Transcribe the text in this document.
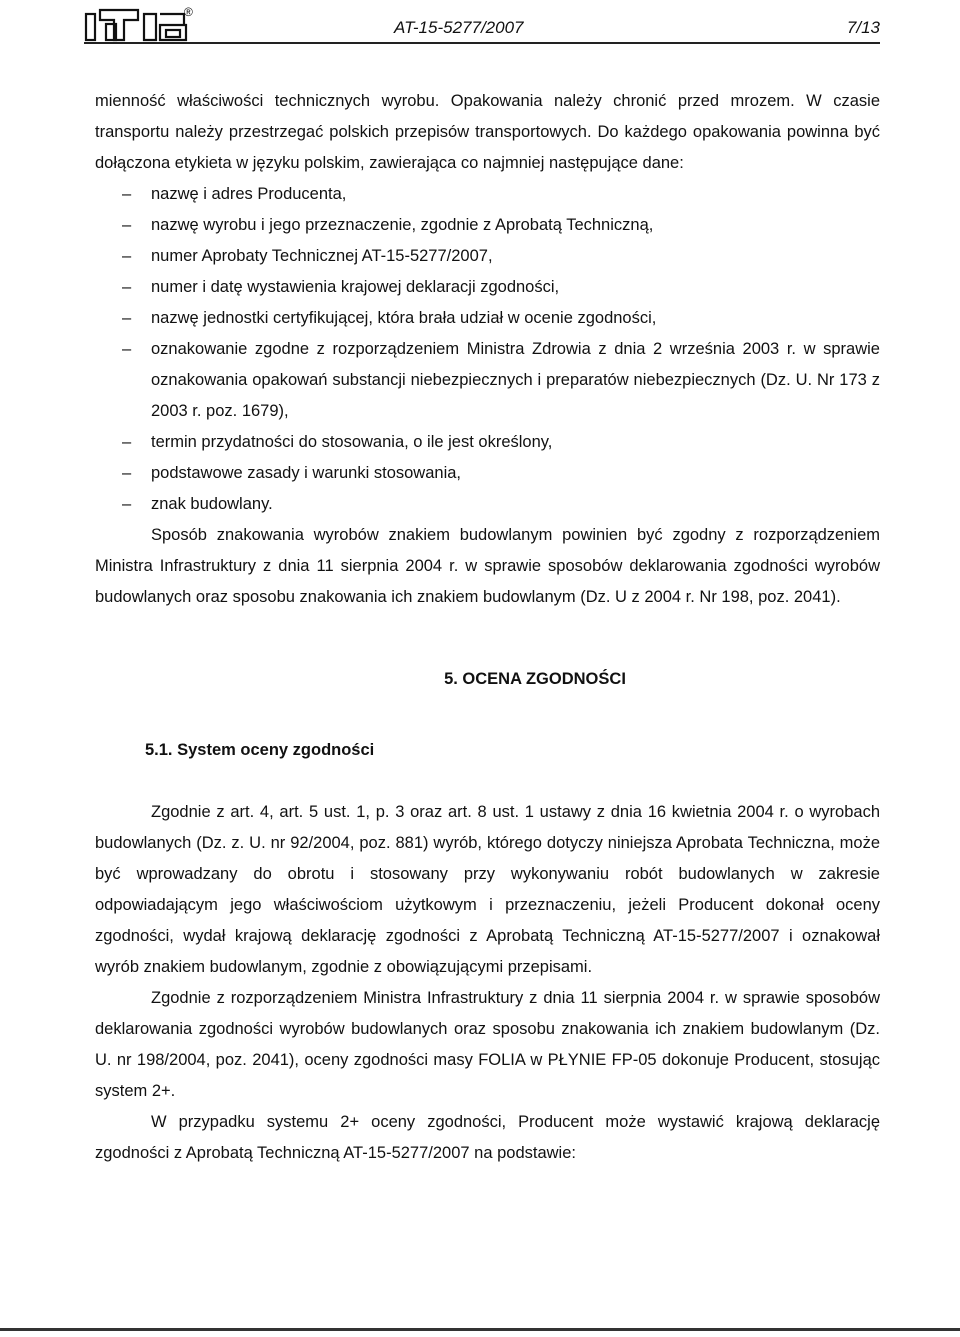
®
AT-15-5277/2007	7/13

mienność właściwości technicznych wyrobu. Opakowania należy chronić przed mrozem. W czasie transportu należy przestrzegać polskich przepisów transportowych. Do każdego opakowania powinna być dołączona etykieta w języku polskim, zawierająca co najmniej następujące dane:

– nazwę i adres Producenta,
– nazwę wyrobu i jego przeznaczenie, zgodnie z Aprobatą Techniczną,
– numer Aprobaty Technicznej AT-15-5277/2007,
– numer i datę wystawienia krajowej deklaracji zgodności,
– nazwę jednostki certyfikującej, która brała udział w ocenie zgodności,
– oznakowanie zgodne z rozporządzeniem Ministra Zdrowia z dnia 2 września 2003 r. w sprawie oznakowania opakowań substancji niebezpiecznych i preparatów niebezpiecznych (Dz. U. Nr 173 z 2003 r. poz. 1679),
– termin przydatności do stosowania, o ile jest określony,
– podstawowe zasady i warunki stosowania,
– znak budowlany.

Sposób znakowania wyrobów znakiem budowlanym powinien być zgodny z rozporządzeniem Ministra Infrastruktury z dnia 11 sierpnia 2004 r. w sprawie sposobów deklarowania zgodności wyrobów budowlanych oraz sposobu znakowania ich znakiem budowlanym (Dz. U z 2004 r. Nr 198, poz. 2041).

5. OCENA ZGODNOŚCI
5.1. System oceny zgodności

Zgodnie z art. 4, art. 5 ust. 1, p. 3 oraz art. 8 ust. 1 ustawy z dnia 16 kwietnia 2004 r. o wyrobach budowlanych (Dz. z. U. nr 92/2004, poz. 881) wyrób, którego dotyczy niniejsza Aprobata Techniczna, może być wprowadzany do obrotu i stosowany przy wykonywaniu robót budowlanych w zakresie odpowiadającym jego właściwościom użytkowym i przeznaczeniu, jeżeli Producent dokonał oceny zgodności, wydał krajową deklarację zgodności z Aprobatą Techniczną AT-15-5277/2007 i oznakował wyrób znakiem budowlanym, zgodnie z obowiązującymi przepisami.

Zgodnie z rozporządzeniem Ministra Infrastruktury z dnia 11 sierpnia 2004 r. w sprawie sposobów deklarowania zgodności wyrobów budowlanych oraz sposobu znakowania ich znakiem budowlanym (Dz. U. nr 198/2004, poz. 2041), oceny zgodności masy FOLIA w PŁYNIE FP-05 dokonuje Producent, stosując system 2+.

W przypadku systemu 2+ oceny zgodności, Producent może wystawić krajową deklarację zgodności z Aprobatą Techniczną AT-15-5277/2007 na podstawie:
